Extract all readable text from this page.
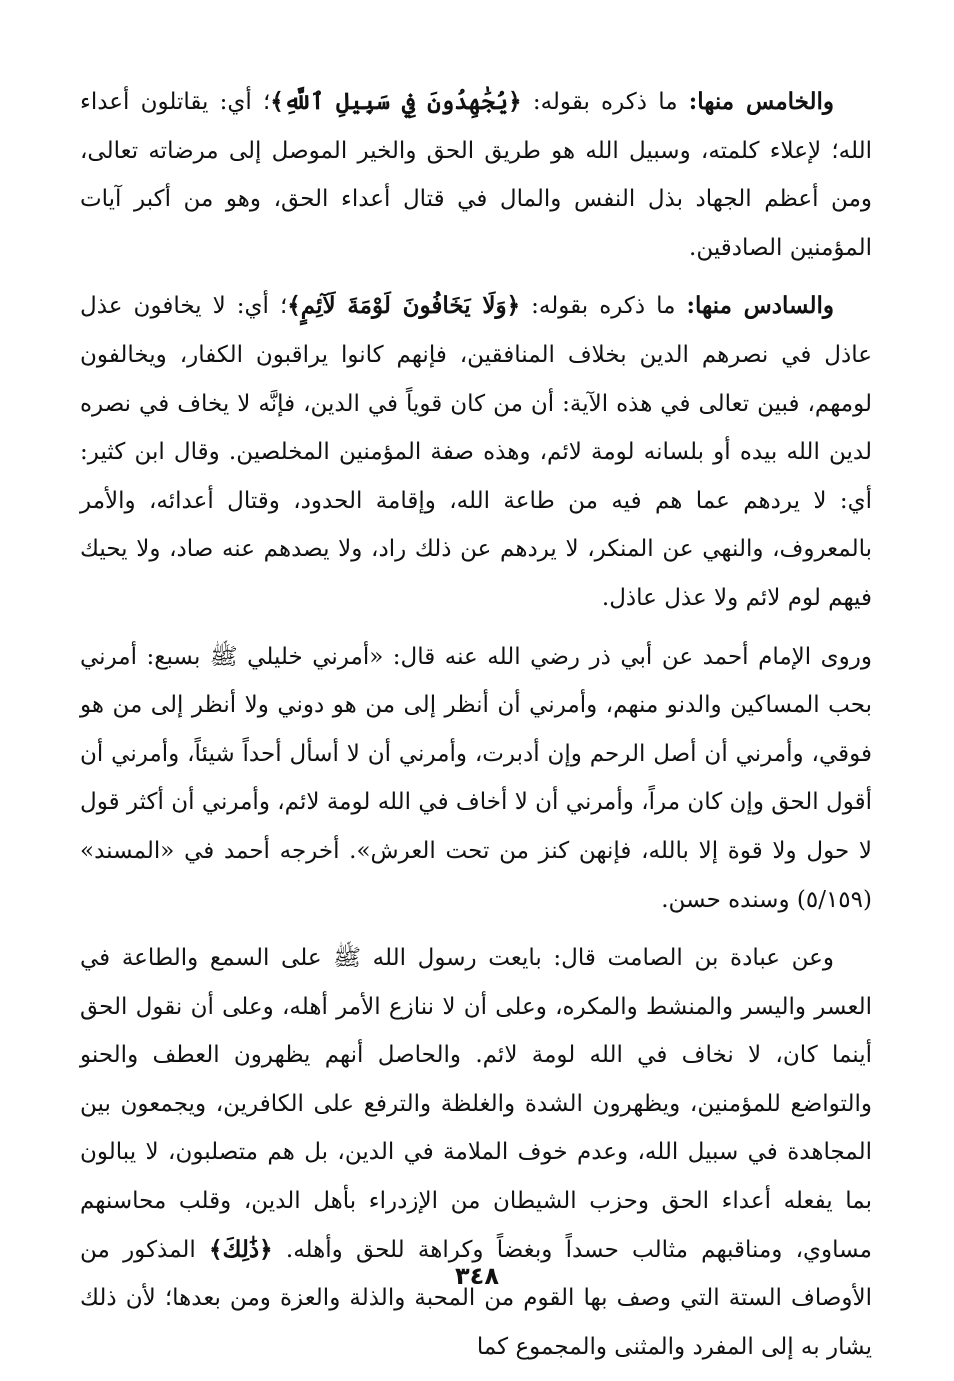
والخامس منها: ما ذكره بقوله: ﴿يُجَٰهِدُونَ فِي سَبِيلِ ٱللَّهِ﴾؛ أي: يقاتلون أعداء الله؛ لإعلاء كلمته، وسبيل الله هو طريق الحق والخير الموصل إلى مرضاته تعالى، ومن أعظم الجهاد بذل النفس والمال في قتال أعداء الحق، وهو من أكبر آيات المؤمنين الصادقين.

والسادس منها: ما ذكره بقوله: ﴿وَلَا يَخَافُونَ لَوْمَةَ لَآئِمٍ﴾؛ أي: لا يخافون عذل عاذل في نصرهم الدين بخلاف المنافقين، فإنهم كانوا يراقبون الكفار، ويخالفون لومهم، فبين تعالى في هذه الآية: أن من كان قوياً في الدين، فإنَّه لا يخاف في نصره لدين الله بيده أو بلسانه لومة لائم، وهذه صفة المؤمنين المخلصين. وقال ابن كثير: أي: لا يردهم عما هم فيه من طاعة الله، وإقامة الحدود، وقتال أعدائه، والأمر بالمعروف، والنهي عن المنكر، لا يردهم عن ذلك راد، ولا يصدهم عنه صاد، ولا يحيك فيهم لوم لائم ولا عذل عاذل.

وروى الإمام أحمد عن أبي ذر رضي الله عنه قال: «أمرني خليلي ﷺ بسبع: أمرني بحب المساكين والدنو منهم، وأمرني أن أنظر إلى من هو دوني ولا أنظر إلى من هو فوقي، وأمرني أن أصل الرحم وإن أدبرت، وأمرني أن لا أسأل أحداً شيئاً، وأمرني أن أقول الحق وإن كان مراً، وأمرني أن لا أخاف في الله لومة لائم، وأمرني أن أكثر قول لا حول ولا قوة إلا بالله، فإنهن كنز من تحت العرش». أخرجه أحمد في «المسند» (٥/١٥٩) وسنده حسن.

وعن عبادة بن الصامت قال: بايعت رسول الله ﷺ على السمع والطاعة في العسر واليسر والمنشط والمكره، وعلى أن لا ننازع الأمر أهله، وعلى أن نقول الحق أينما كان، لا نخاف في الله لومة لائم. والحاصل أنهم يظهرون العطف والحنو والتواضع للمؤمنين، ويظهرون الشدة والغلظة والترفع على الكافرين، ويجمعون بين المجاهدة في سبيل الله، وعدم خوف الملامة في الدين، بل هم متصلبون، لا يبالون بما يفعله أعداء الحق وحزب الشيطان من الإزدراء بأهل الدين، وقلب محاسنهم مساوي، ومناقبهم مثالب حسداً وبغضاً وكراهة للحق وأهله. ﴿ذَٰلِكَ﴾ المذكور من الأوصاف الستة التي وصف بها القوم من المحبة والذلة والعزة ومن بعدها؛ لأن ذلك يشار به إلى المفرد والمثنى والمجموع كما

٣٤٨
